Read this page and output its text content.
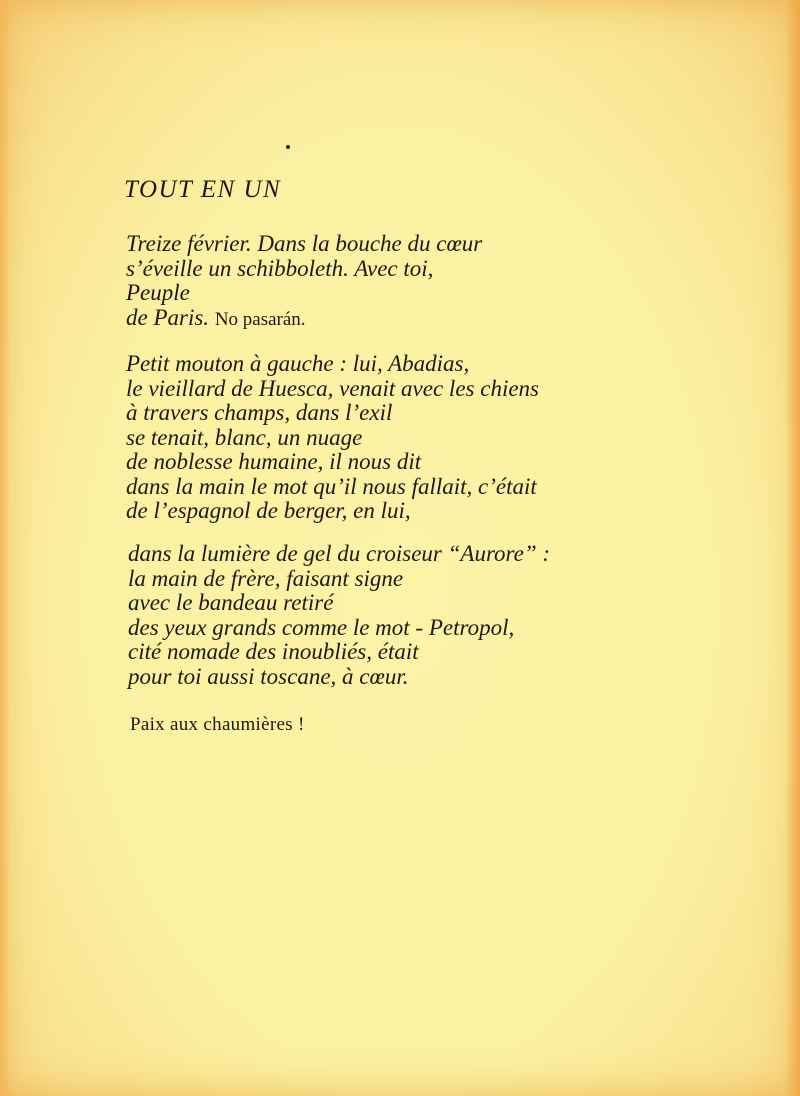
TOUT EN UN
Treize février. Dans la bouche du cœur
s’éveille un schibboleth. Avec toi,
Peuple
de Paris. No pasarán.
Petit mouton à gauche : lui, Abadias,
le vieillard de Huesca, venait avec les chiens
à travers champs, dans l’exil
se tenait, blanc, un nuage
de noblesse humaine, il nous dit
dans la main le mot qu’il nous fallait, c’était
de l’espagnol de berger, en lui,
dans la lumière de gel du croiseur “Aurore” :
la main de frère, faisant signe
avec le bandeau retiré
des yeux grands comme le mot - Petropol,
cité nomade des inoubliés, était
pour toi aussi toscane, à cœur.

Paix aux chaumières !
